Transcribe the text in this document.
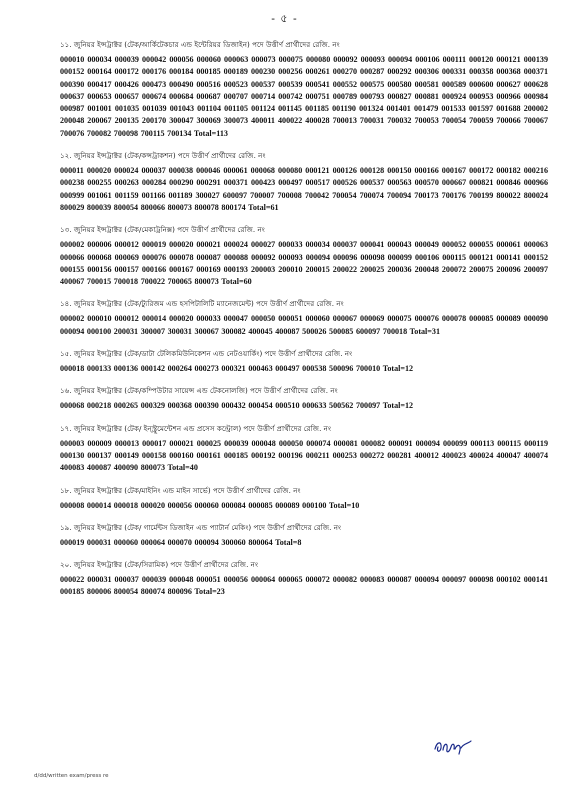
- ৫ -
১১. জুনিয়র ইন্সট্রাক্টর (টেক/আর্কিটেকচার এন্ড ইন্টেরিয়র ডিজাইন) পদে উত্তীর্ণ প্রার্থীদের রেজি. নং
000010 000034 000039 000042 000056 000060 000063 000073 000075 000080 000092 000093 000094 000106 000111 000120 000121 000139 000152 000164 000172 000176 000184 000185 000189 000230 000256 000261 000270 000287 000292 000306 000331 000358 000368 000371 000390 000417 000426 000473 000490 000516 000523 000537 000539 000541 000552 000575 000580 000581 000589 000600 000627 000628 000637 000653 000657 000674 000684 000687 000707 000714 000742 000751 000789 000793 000827 000881 000924 000953 000966 000984 000987 001001 001035 001039 001043 001104 001105 001124 001145 001185 001190 001324 001401 001479 001533 001597 001688 200002 200048 200067 200135 200170 300047 300069 300073 400011 400022 400028 700013 700031 700032 700053 700054 700059 700066 700067 700076 700082 700098 700115 700134 Total=113
১২. জুনিয়র ইন্সট্রাক্টর (টেক/কন্সট্রাকশন) পদে উত্তীর্ণ প্রার্থীদের রেজি. নং
000011 000020 000024 000037 000038 000046 000061 000068 000080 000121 000126 000128 000150 000166 000167 000172 000182 000216 000238 000255 000263 000284 000290 000291 000371 000423 000497 000517 000526 000537 000563 000570 000667 000821 000846 000966 000999 001061 001159 001166 001189 300027 600097 700007 700008 700042 700054 700074 700094 700173 700176 700199 800022 800024 800029 800039 800054 800066 800073 800078 800174 Total=61
১৩. জুনিয়র ইন্সট্রাক্টর (টেক/মেকাট্রনিক্স) পদে উত্তীর্ণ প্রার্থীদের রেজি. নং
000002 000006 000012 000019 000020 000021 000024 000027 000033 000034 000037 000041 000043 000049 000052 000055 000061 000063 000066 000068 000069 000076 000078 000087 000088 000092 000093 000094 000096 000098 000099 000106 000115 000121 000141 000152 000155 000156 000157 000166 000167 000169 000193 200003 200010 200015 200022 200025 200036 200048 200072 200075 200096 200097 400067 700015 700018 700022 700065 800073 Total=60
১৪. জুনিয়র ইন্সট্রাক্টর (টেক/ট্যুরিজম এন্ড হসপিটালিটি ম্যানেজমেন্ট) পদে উত্তীর্ণ প্রার্থীদের রেজি. নং
000002 000010 000012 000014 000020 000033 000047 000050 000051 000060 000067 000069 000075 000076 000078 000085 000089 000090 000094 000100 200031 300007 300031 300067 300082 400045 400087 500026 500085 600097 700018 Total=31
১৫. জুনিয়র ইন্সট্রাক্টর (টেক/ডাটা টেলিকমিউনিকেশন এন্ড নেটওয়ার্কিং) পদে উত্তীর্ণ প্রার্থীদের রেজি. নং
000018 000133 000136 000142 000264 000273 000321 000463 000497 000538 500096 700010 Total=12
১৬. জুনিয়র ইন্সট্রাক্টর (টেক/কম্পিউটার সায়েন্স এন্ড টেকনোলজি) পদে উত্তীর্ণ প্রার্থীদের রেজি. নং
000068 000218 000265 000329 000368 000390 000432 000454 000510 000633 500562 700097 Total=12
১৭. জুনিয়র ইন্সট্রাক্টর (টেক/ ইন্স্ট্রুমেন্টেশন এন্ড প্রসেস কন্ট্রোল) পদে উত্তীর্ণ প্রার্থীদের রেজি. নং
000003 000009 000013 000017 000021 000025 000039 000048 000050 000074 000081 000082 000091 000094 000099 000113 000115 000119 000130 000137 000149 000158 000160 000161 000185 000192 000196 000211 000253 000272 000281 400012 400023 400024 400047 400074 400083 400087 400090 800073 Total=40
১৮. জুনিয়র ইন্সট্রাক্টর (টেক/মাইনিং এন্ড মাইন সার্ভে) পদে উত্তীর্ণ প্রার্থীদের রেজি. নং
000008 000014 000018 000020 000056 000060 000084 000085 000089 000100 Total=10
১৯. জুনিয়র ইন্সট্রাক্টর (টেক/ গার্মেন্টস ডিজাইন এন্ড প্যাটার্ন মেকিং) পদে উত্তীর্ণ প্রার্থীদের রেজি. নং
000019 000031 000060 000064 000070 000094 300060 800064 Total=8
২০. জুনিয়র ইন্সট্রাক্টর (টেক/সিরামিক) পদে উত্তীর্ণ প্রার্থীদের রেজি. নং
000022 000031 000037 000039 000048 000051 000056 000064 000065 000072 000082 000083 000087 000094 000097 000098 000102 000141 000185 800006 800054 800074 800096 Total=23
d/dd/written exam/press re
